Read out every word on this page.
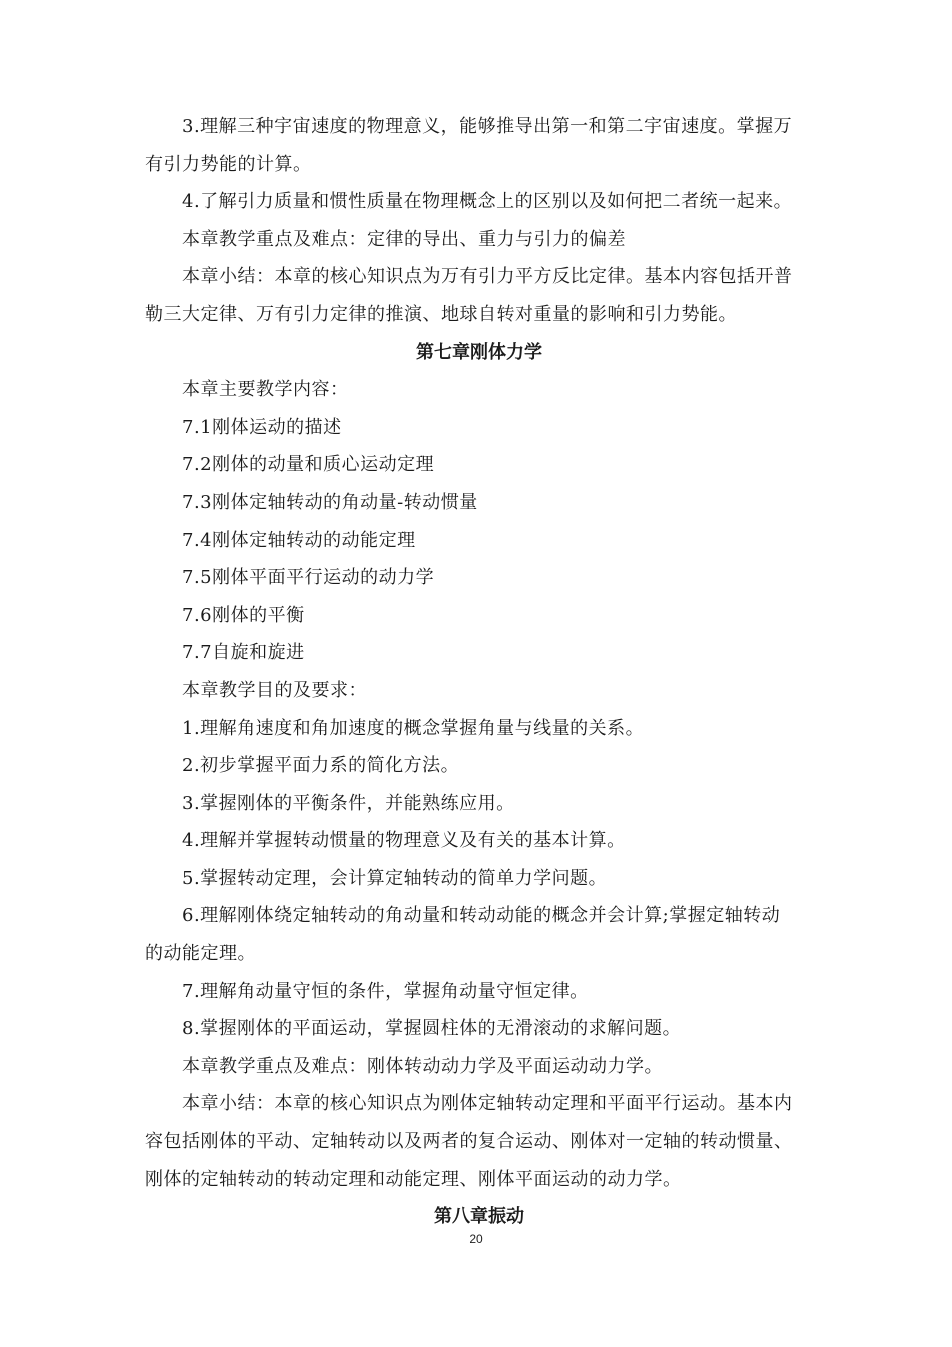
3.理解三种宇宙速度的物理意义，能够推导出第一和第二宇宙速度。掌握万
有引力势能的计算。
4.了解引力质量和惯性质量在物理概念上的区别以及如何把二者统一起来。
本章教学重点及难点：定律的导出、重力与引力的偏差
本章小结：本章的核心知识点为万有引力平方反比定律。基本内容包括开普
勒三大定律、万有引力定律的推演、地球自转对重量的影响和引力势能。
第七章刚体力学
本章主要教学内容：
7.1刚体运动的描述
7.2刚体的动量和质心运动定理
7.3刚体定轴转动的角动量-转动惯量
7.4刚体定轴转动的动能定理
7.5刚体平面平行运动的动力学
7.6刚体的平衡
7.7自旋和旋进
本章教学目的及要求：
1.理解角速度和角加速度的概念掌握角量与线量的关系。
2.初步掌握平面力系的简化方法。
3.掌握刚体的平衡条件，并能熟练应用。
4.理解并掌握转动惯量的物理意义及有关的基本计算。
5.掌握转动定理，会计算定轴转动的简单力学问题。
6.理解刚体绕定轴转动的角动量和转动动能的概念并会计算;掌握定轴转动
的动能定理。
7.理解角动量守恒的条件，掌握角动量守恒定律。
8.掌握刚体的平面运动，掌握圆柱体的无滑滚动的求解问题。
本章教学重点及难点：刚体转动动力学及平面运动动力学。
本章小结：本章的核心知识点为刚体定轴转动定理和平面平行运动。基本内
容包括刚体的平动、定轴转动以及两者的复合运动、刚体对一定轴的转动惯量、
刚体的定轴转动的转动定理和动能定理、刚体平面运动的动力学。
第八章振动
20
